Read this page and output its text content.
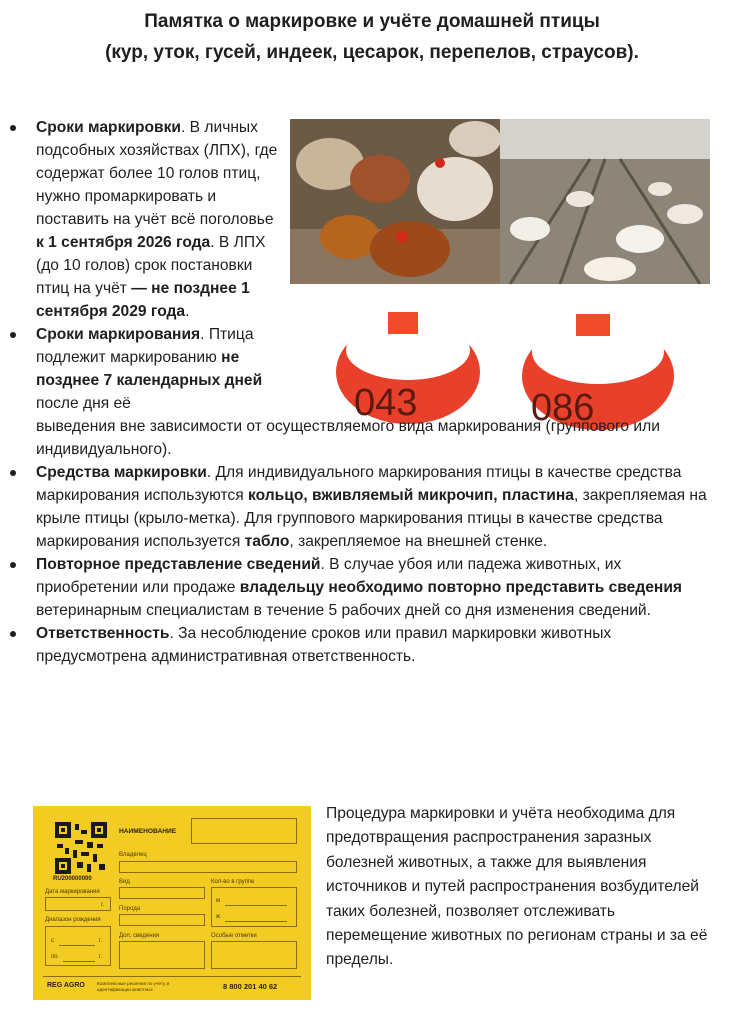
Памятка о маркировке и учёте домашней птицы
(кур, уток, гусей, индеек, цесарок, перепелов, страусов).
043	086
Сроки маркировки. В личных подсобных хозяйствах (ЛПХ), где содержат более 10 голов птиц, нужно промаркировать и поставить на учёт всё поголовье к 1 сентября 2026 года. В ЛПХ (до 10 голов) срок постановки птиц на учёт — не позднее 1 сентября 2029 года.
Сроки маркирования. Птица подлежит маркированию не позднее 7 календарных дней после дня её
выведения вне зависимости от осуществляемого вида маркирования (группового или индивидуального).
Средства маркировки. Для индивидуального маркирования птицы в качестве средства маркирования используются кольцо, вживляемый микрочип, пластина, закрепляемая на крыле птицы (крыло-метка). Для группового маркирования птицы в качестве средства маркирования используется табло, закрепляемое на внешней стенке.
Повторное представление сведений. В случае убоя или падежа животных, их приобретении или продаже владельцу необходимо повторно представить сведения ветеринарным специалистам в течение 5 рабочих дней со дня изменения сведений.
Ответственность. За несоблюдение сроков или правил маркировки животных предусмотрена административная ответственность.
RU200000000
НАИМЕНОВАНИЕ
Владелец
Вид	Кол-во в группе
м
ж
Дата маркирования
г.
Порода
Диапазон рождения
с	г.
по	г.
Доп. сведения	Особые отметки
REG AGRO	Комплексные решения по учёту и идентификации животных	8 800 201 40 62
Процедура маркировки и учёта необходима для предотвращения распространения заразных болезней животных, а также для выявления источников и путей распространения возбудителей таких болезней, позволяет отслеживать перемещение животных по регионам страны и за её пределы.
